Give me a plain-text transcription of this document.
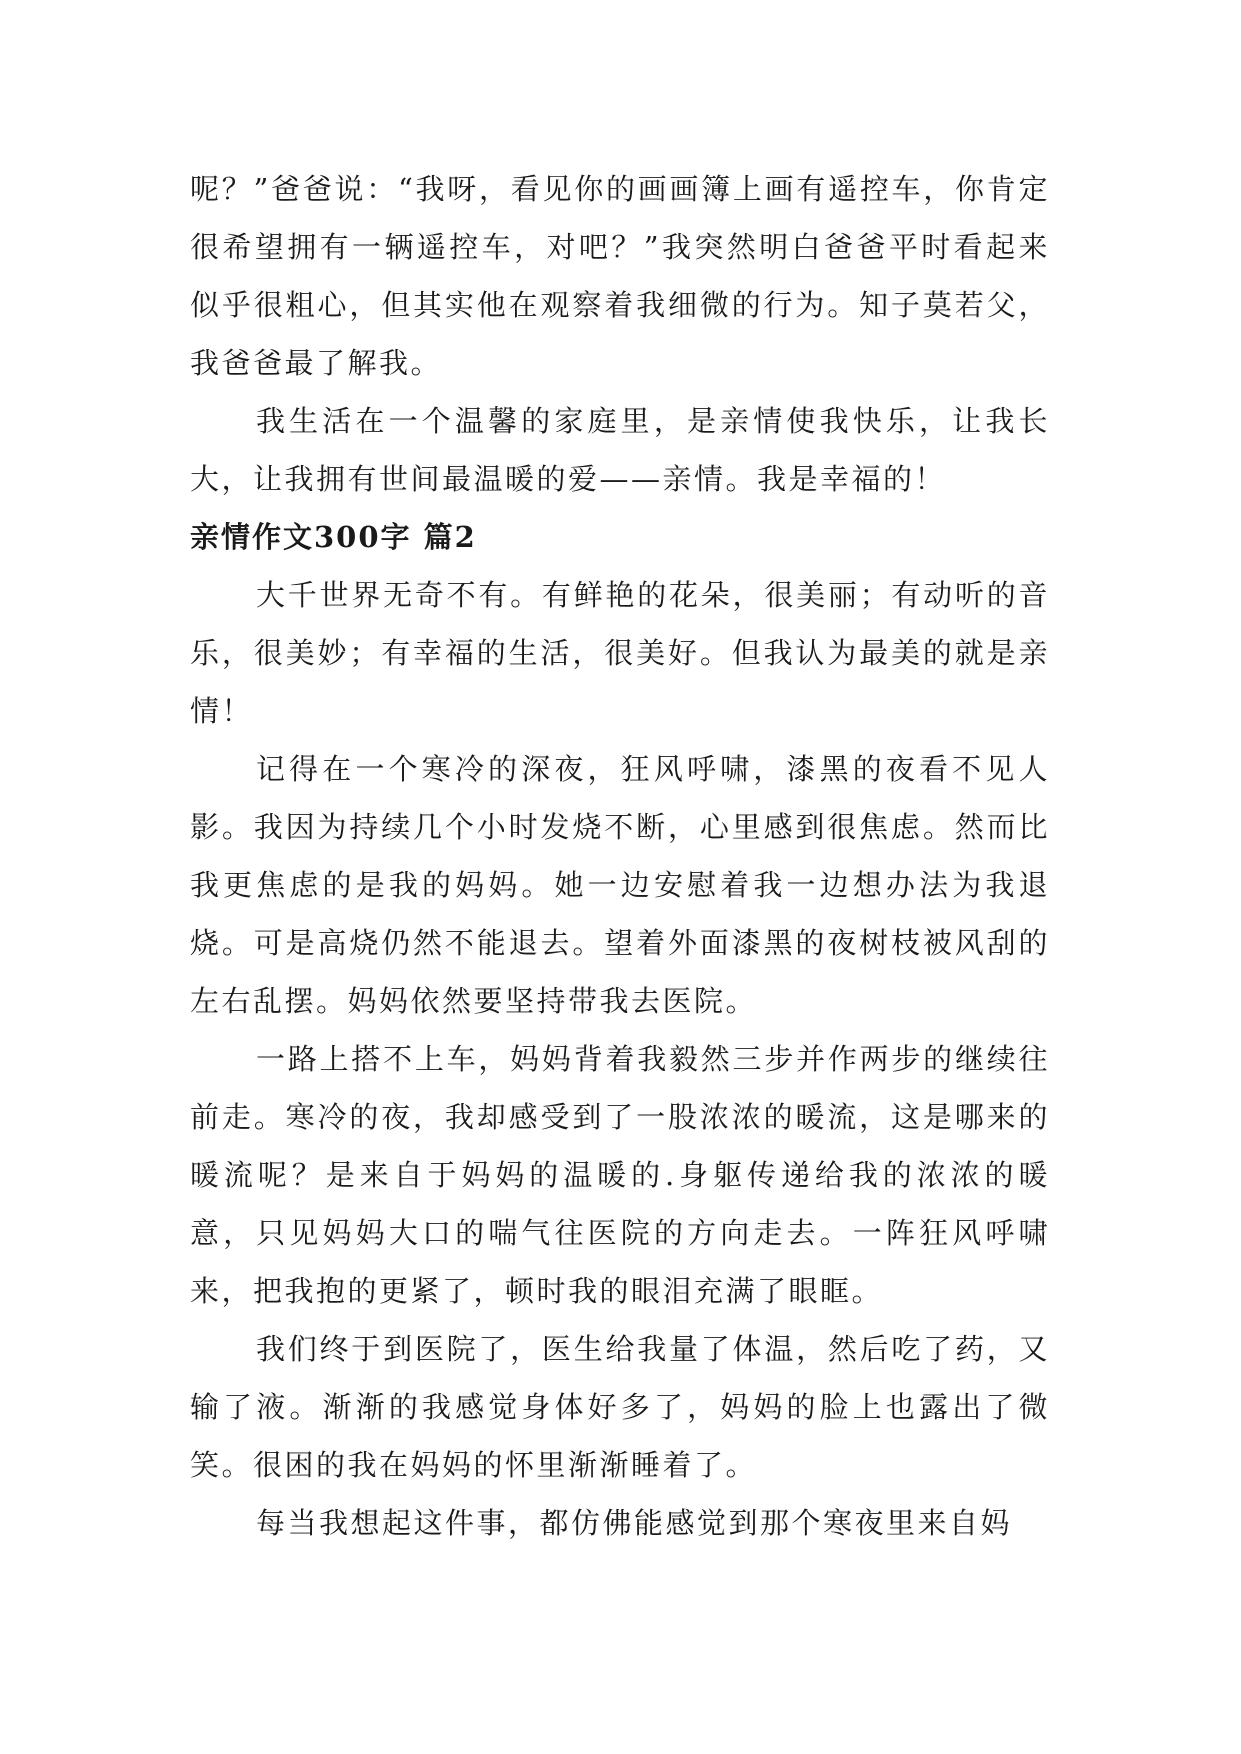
呢？”爸爸说：“我呀，看见你的画画簿上画有遥控车，你肯定很希望拥有一辆遥控车，对吧？”我突然明白爸爸平时看起来似乎很粗心，但其实他在观察着我细微的行为。知子莫若父，我爸爸最了解我。

我生活在一个温馨的家庭里，是亲情使我快乐，让我长大，让我拥有世间最温暖的爱——亲情。我是幸福的！

亲情作文300字 篇2

大千世界无奇不有。有鲜艳的花朵，很美丽；有动听的音乐，很美妙；有幸福的生活，很美好。但我认为最美的就是亲情！

记得在一个寒冷的深夜，狂风呼啸，漆黑的夜看不见人影。我因为持续几个小时发烧不断，心里感到很焦虑。然而比我更焦虑的是我的妈妈。她一边安慰着我一边想办法为我退烧。可是高烧仍然不能退去。望着外面漆黑的夜树枝被风刮的左右乱摆。妈妈依然要坚持带我去医院。

一路上搭不上车，妈妈背着我毅然三步并作两步的继续往前走。寒冷的夜，我却感受到了一股浓浓的暖流，这是哪来的暖流呢？是来自于妈妈的温暖的.身躯传递给我的浓浓的暖意，只见妈妈大口的喘气往医院的方向走去。一阵狂风呼啸来，把我抱的更紧了，顿时我的眼泪充满了眼眶。

我们终于到医院了，医生给我量了体温，然后吃了药，又输了液。渐渐的我感觉身体好多了，妈妈的脸上也露出了微笑。很困的我在妈妈的怀里渐渐睡着了。

每当我想起这件事，都仿佛能感觉到那个寒夜里来自妈
